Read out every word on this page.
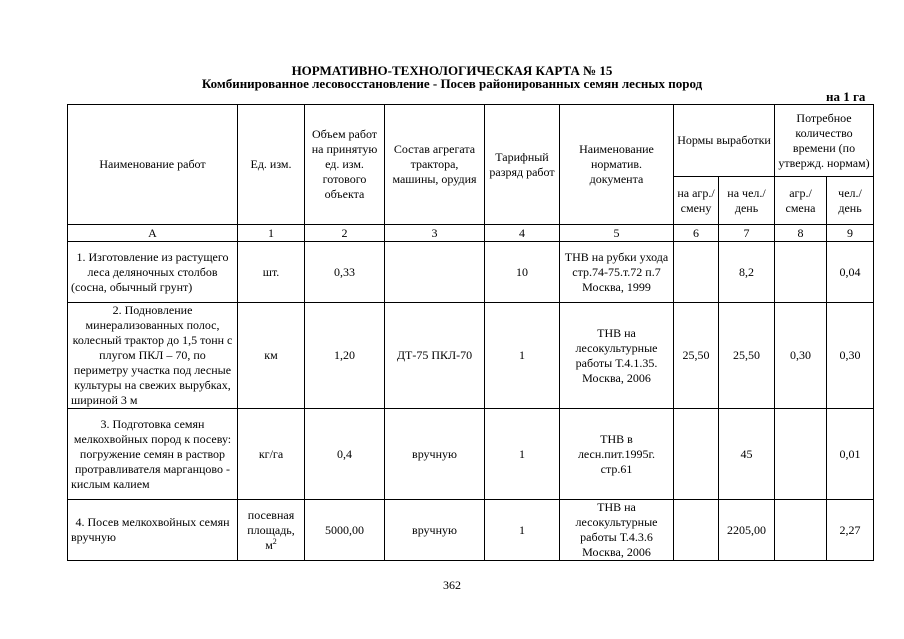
НОРМАТИВНО-ТЕХНОЛОГИЧЕСКАЯ КАРТА № 15
Комбинированное лесовосстановление - Посев районированных семян лесных пород
на 1 га
Наименование работ	Ед. изм.	Объем работ на принятую ед. изм. готового объекта	Состав агрегата трактора, машины, орудия	Тарифный разряд работ	Наименование норматив. документа	Нормы выработки		Потребное количество времени (по утвержд. нормам)	
						на агр./ смену	на чел./ день	агр./ смена	чел./ день
А	1	2	3	4	5	6	7	8	9
1. Изготовление из растущего леса деляночных столбов (сосна, обычный грунт)	шт.	0,33		10	ТНВ на рубки ухода стр.74-75.т.72 п.7 Москва, 1999		8,2		0,04
2. Подновление минерализованных полос, колесный трактор до 1,5 тонн с плугом ПКЛ – 70, по периметру участка под лесные культуры на свежих вырубках, шириной 3 м	км	1,20	ДТ-75 ПКЛ-70	1	ТНВ на лесокультурные работы Т.4.1.35. Москва, 2006	25,50	25,50	0,30	0,30
3. Подготовка семян мелкохвойных пород к посеву: погружение семян в раствор протравливателя марганцово - кислым калием	кг/га	0,4	вручную	1	ТНВ в лесн.пит.1995г. стр.61		45		0,01
4. Посев мелкохвойных семян вручную	посевная площадь, $м^2$	5000,00	вручную	1	ТНВ на лесокультурные работы Т.4.3.6 Москва, 2006		2205,00		2,27
362
